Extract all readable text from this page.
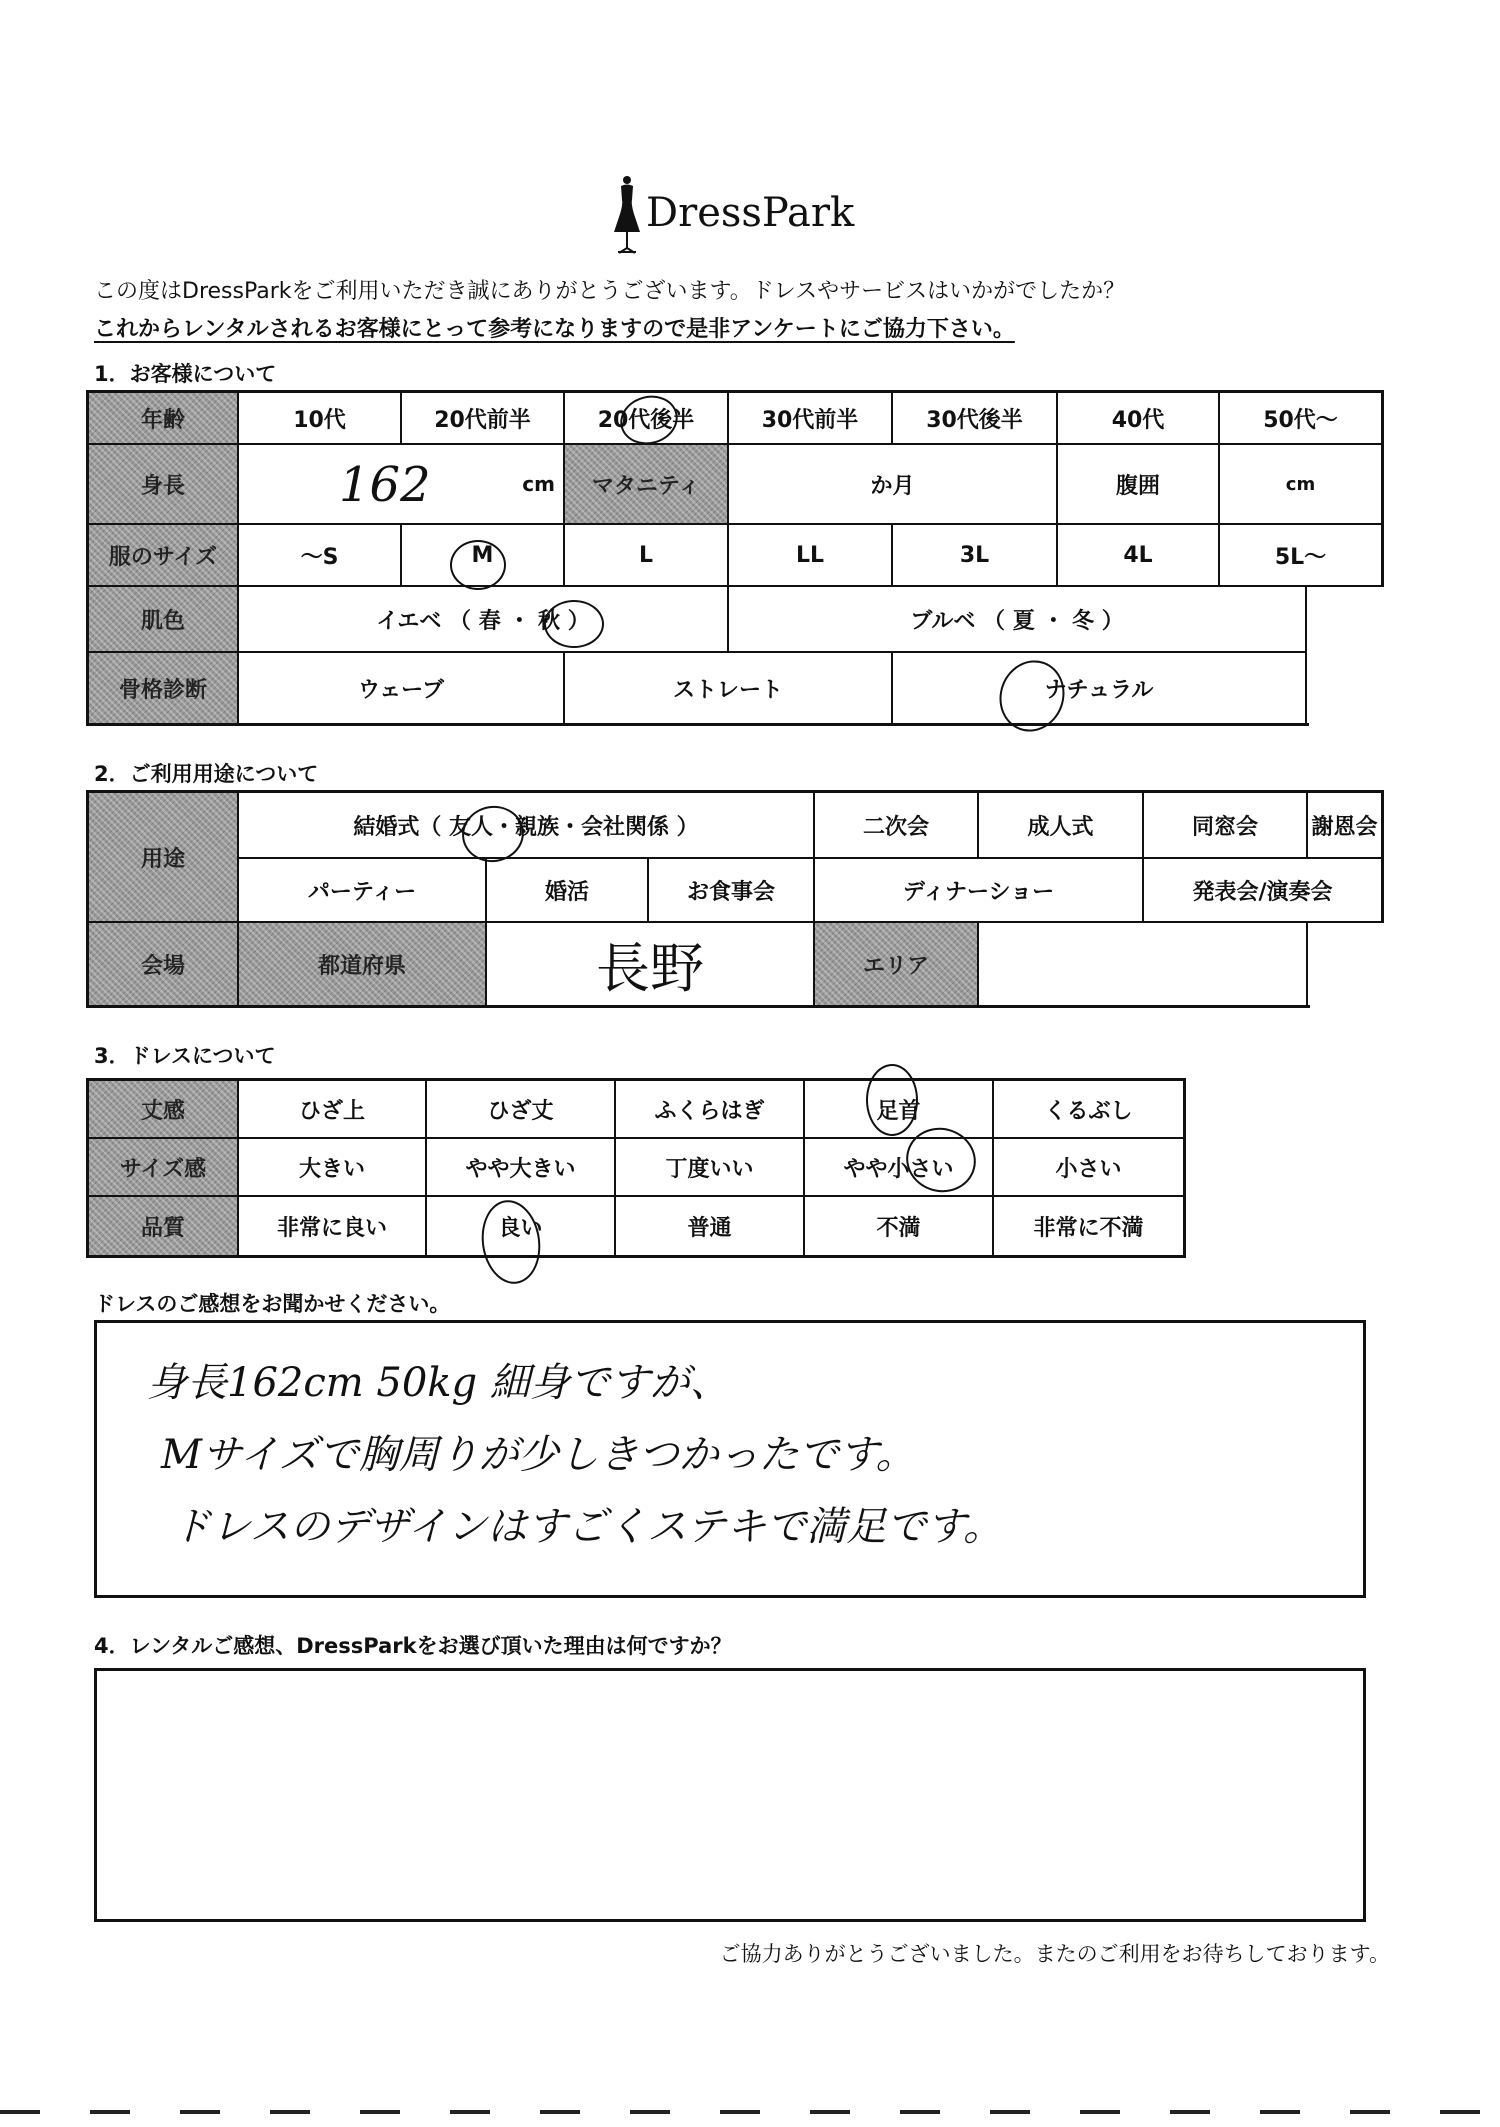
DressPark
この度はDressParkをご利用いただき誠にありがとうございます。ドレスやサービスはいかがでしたか？
これからレンタルされるお客様にとって参考になりますので是非アンケートにご協力下さい。
1．お客様について
年齢	10代	20代前半	20代後半	30代前半	30代後半	40代	50代～
身長	162	cm	マタニティ	か月	腹囲	cm
服のサイズ	～S	M	L	LL	3L	4L	5L～
肌色	イエベ （ 春 ・ 秋 ）	ブルベ （ 夏 ・ 冬 ）
骨格診断	ウェーブ	ストレート	ナチュラル
2．ご利用用途について
用途
結婚式（ 友人・親族・会社関係 ）	二次会	成人式	同窓会	謝恩会
パーティー	婚活	お食事会	ディナーショー	発表会/演奏会
会場	都道府県	長野	エリア
3．ドレスについて
丈感	ひざ上	ひざ丈	ふくらはぎ	足首	くるぶし
サイズ感	大きい	やや大きい	丁度いい	やや小さい	小さい
品質	非常に良い	良い	普通	不満	非常に不満
ドレスのご感想をお聞かせください。
身長162cm 50kg 細身ですが、
Mサイズで胸周りが少しきつかったです。
ドレスのデザインはすごくステキで満足です。
4．レンタルご感想、DressParkをお選び頂いた理由は何ですか？
ご協力ありがとうございました。またのご利用をお待ちしております。
